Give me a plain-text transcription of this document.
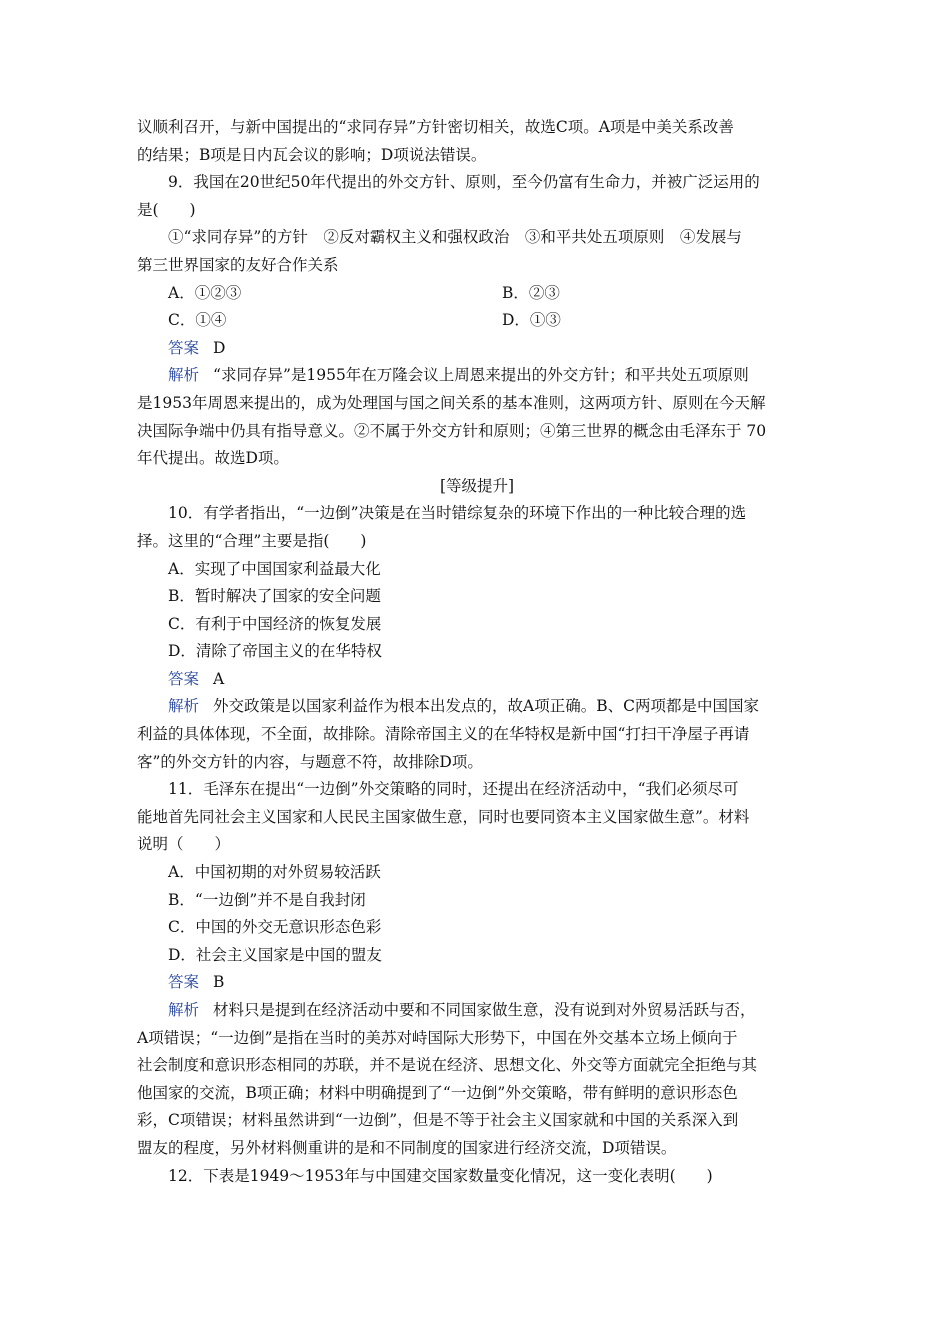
议顺利召开，与新中国提出的“求同存异”方针密切相关，故选C项。A项是中美关系改善

的结果；B项是日内瓦会议的影响；D项说法错误。

9．我国在20世纪50年代提出的外交方针、原则，至今仍富有生命力，并被广泛运用的

是(　　)

①“求同存异”的方针　②反对霸权主义和强权政治　③和平共处五项原则　④发展与

第三世界国家的友好合作关系

A．①②③	B．②③
C．①④	D．①③

答案 D

解析 “求同存异”是1955年在万隆会议上周恩来提出的外交方针；和平共处五项原则

是1953年周恩来提出的，成为处理国与国之间关系的基本准则，这两项方针、原则在今天解

决国际争端中仍具有指导意义。②不属于外交方针和原则；④第三世界的概念由毛泽东于 70

年代提出。故选D项。

[等级提升]

10．有学者指出，“一边倒”决策是在当时错综复杂的环境下作出的一种比较合理的选

择。这里的“合理”主要是指(　　)

A．实现了中国国家利益最大化

B．暂时解决了国家的安全问题

C．有利于中国经济的恢复发展

D．清除了帝国主义的在华特权

答案 A

解析 外交政策是以国家利益作为根本出发点的，故A项正确。B、C两项都是中国国家

利益的具体体现，不全面，故排除。清除帝国主义的在华特权是新中国“打扫干净屋子再请

客”的外交方针的内容，与题意不符，故排除D项。

11．毛泽东在提出“一边倒”外交策略的同时，还提出在经济活动中，“我们必须尽可

能地首先同社会主义国家和人民民主国家做生意，同时也要同资本主义国家做生意”。材料

说明（　　）

A．中国初期的对外贸易较活跃

B．“一边倒”并不是自我封闭

C．中国的外交无意识形态色彩

D．社会主义国家是中国的盟友

答案 B

解析 材料只是提到在经济活动中要和不同国家做生意，没有说到对外贸易活跃与否，

A项错误；“一边倒”是指在当时的美苏对峙国际大形势下，中国在外交基本立场上倾向于

社会制度和意识形态相同的苏联，并不是说在经济、思想文化、外交等方面就完全拒绝与其

他国家的交流，B项正确；材料中明确提到了“一边倒”外交策略，带有鲜明的意识形态色

彩，C项错误；材料虽然讲到“一边倒”，但是不等于社会主义国家就和中国的关系深入到

盟友的程度，另外材料侧重讲的是和不同制度的国家进行经济交流，D项错误。

12．下表是1949～1953年与中国建交国家数量变化情况，这一变化表明(　　)
